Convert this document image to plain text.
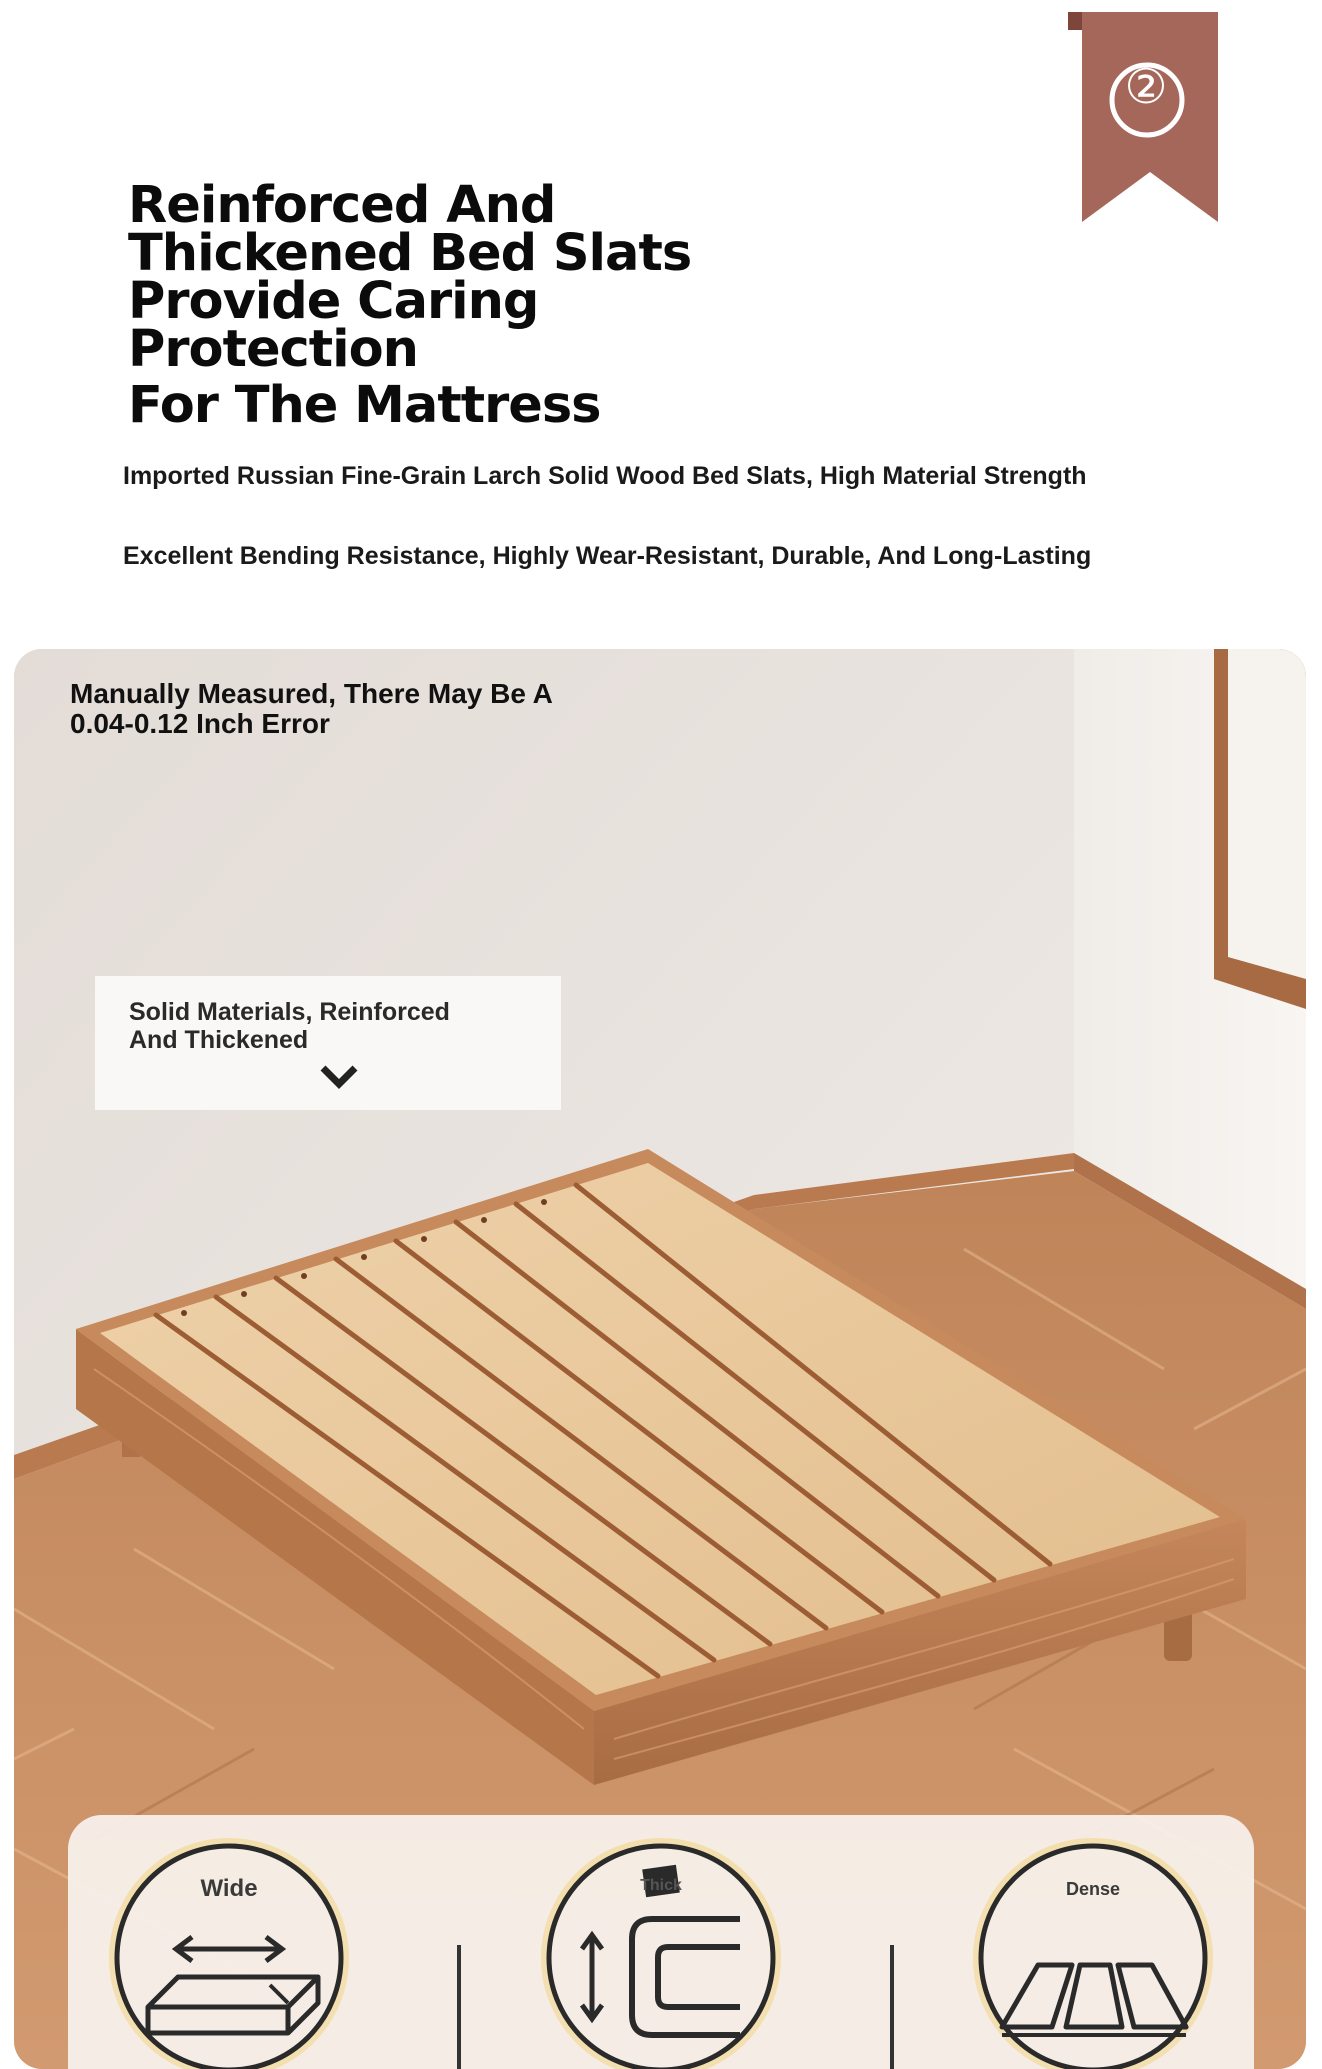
②
Reinforced And
Thickened Bed Slats
Provide Caring Protection
For The Mattress

Imported Russian Fine-Grain Larch Solid Wood Bed Slats, High Material Strength

Excellent Bending Resistance, Highly Wear-Resistant, Durable, And Long-Lasting

Manually Measured, There May Be A
0.04-0.12 Inch Error
Solid Materials, Reinforced
And Thickened
Wide	Thick	Dense
